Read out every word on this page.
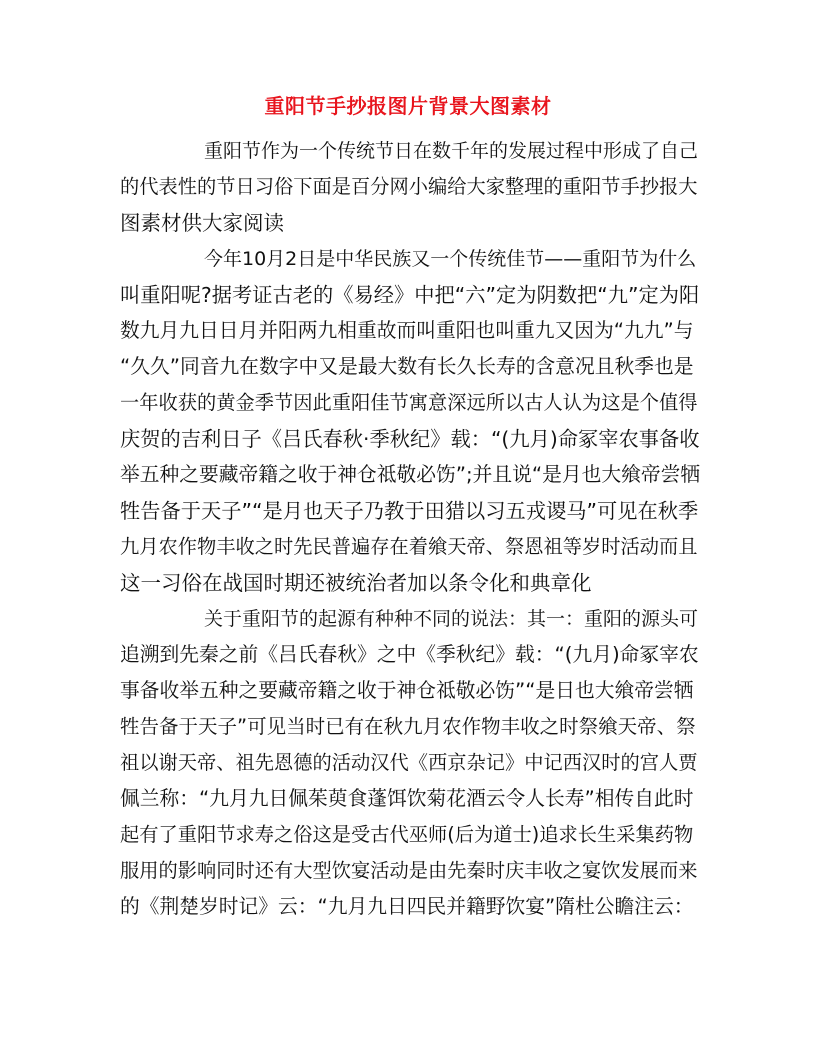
重阳节手抄报图片背景大图素材
重阳节作为一个传统节日在数千年的发展过程中形成了自己
的代表性的节日习俗下面是百分网小编给大家整理的重阳节手抄报大
图素材供大家阅读
今年10月2日是中华民族又一个传统佳节——重阳节为什么
叫重阳呢?据考证古老的《易经》中把“六”定为阴数把“九”定为阳
数九月九日日月并阳两九相重故而叫重阳也叫重九又因为“九九”与
“久久”同音九在数字中又是最大数有长久长寿的含意况且秋季也是
一年收获的黄金季节因此重阳佳节寓意深远所以古人认为这是个值得
庆贺的吉利日子《吕氏春秋·季秋纪》载：“(九月)命冢宰农事备收
举五种之要藏帝籍之收于神仓祗敬必饬”;并且说“是月也大飨帝尝牺
牲告备于天子”“是月也天子乃教于田猎以习五戎谡马”可见在秋季
九月农作物丰收之时先民普遍存在着飨天帝、祭恩祖等岁时活动而且
这一习俗在战国时期还被统治者加以条令化和典章化
关于重阳节的起源有种种不同的说法：其一：重阳的源头可
追溯到先秦之前《吕氏春秋》之中《季秋纪》载：“(九月)命冢宰农
事备收举五种之要藏帝籍之收于神仓祗敬必饬”“是日也大飨帝尝牺
牲告备于天子”可见当时已有在秋九月农作物丰收之时祭飨天帝、祭
祖以谢天帝、祖先恩德的活动汉代《西京杂记》中记西汉时的宫人贾
佩兰称：“九月九日佩茱萸食蓬饵饮菊花酒云令人长寿”相传自此时
起有了重阳节求寿之俗这是受古代巫师(后为道士)追求长生采集药物
服用的影响同时还有大型饮宴活动是由先秦时庆丰收之宴饮发展而来
的《荆楚岁时记》云：“九月九日四民并籍野饮宴”隋杜公瞻注云：
